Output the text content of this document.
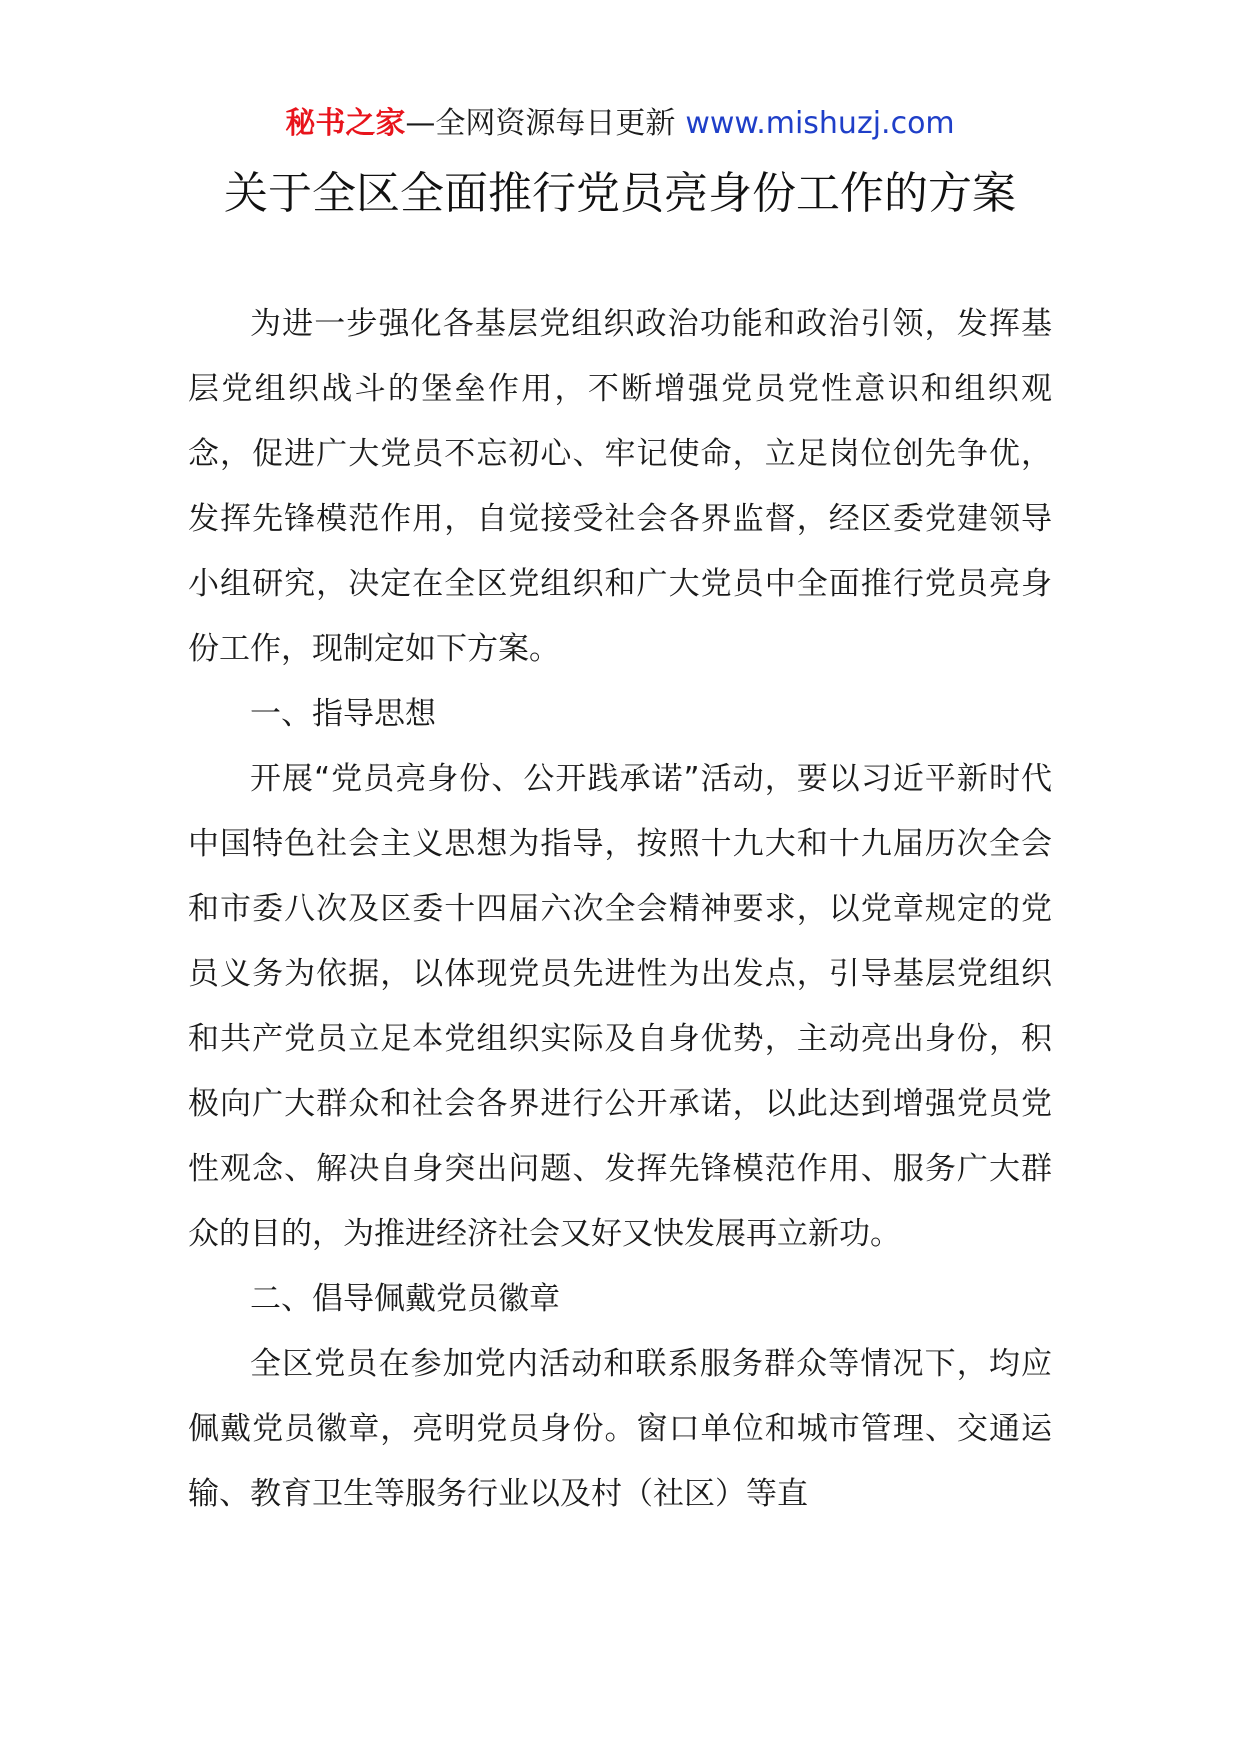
秘书之家—全网资源每日更新 www.mishuzj.com
关于全区全面推行党员亮身份工作的方案

为进一步强化各基层党组织政治功能和政治引领，发挥基层党组织战斗的堡垒作用，不断增强党员党性意识和组织观念，促进广大党员不忘初心、牢记使命，立足岗位创先争优，发挥先锋模范作用，自觉接受社会各界监督，经区委党建领导小组研究，决定在全区党组织和广大党员中全面推行党员亮身份工作，现制定如下方案。

一、指导思想

开展“党员亮身份、公开践承诺”活动，要以习近平新时代中国特色社会主义思想为指导，按照十九大和十九届历次全会和市委八次及区委十四届六次全会精神要求，以党章规定的党员义务为依据，以体现党员先进性为出发点，引导基层党组织和共产党员立足本党组织实际及自身优势，主动亮出身份，积极向广大群众和社会各界进行公开承诺，以此达到增强党员党性观念、解决自身突出问题、发挥先锋模范作用、服务广大群众的目的，为推进经济社会又好又快发展再立新功。

二、倡导佩戴党员徽章

全区党员在参加党内活动和联系服务群众等情况下，均应佩戴党员徽章，亮明党员身份。窗口单位和城市管理、交通运输、教育卫生等服务行业以及村（社区）等直
